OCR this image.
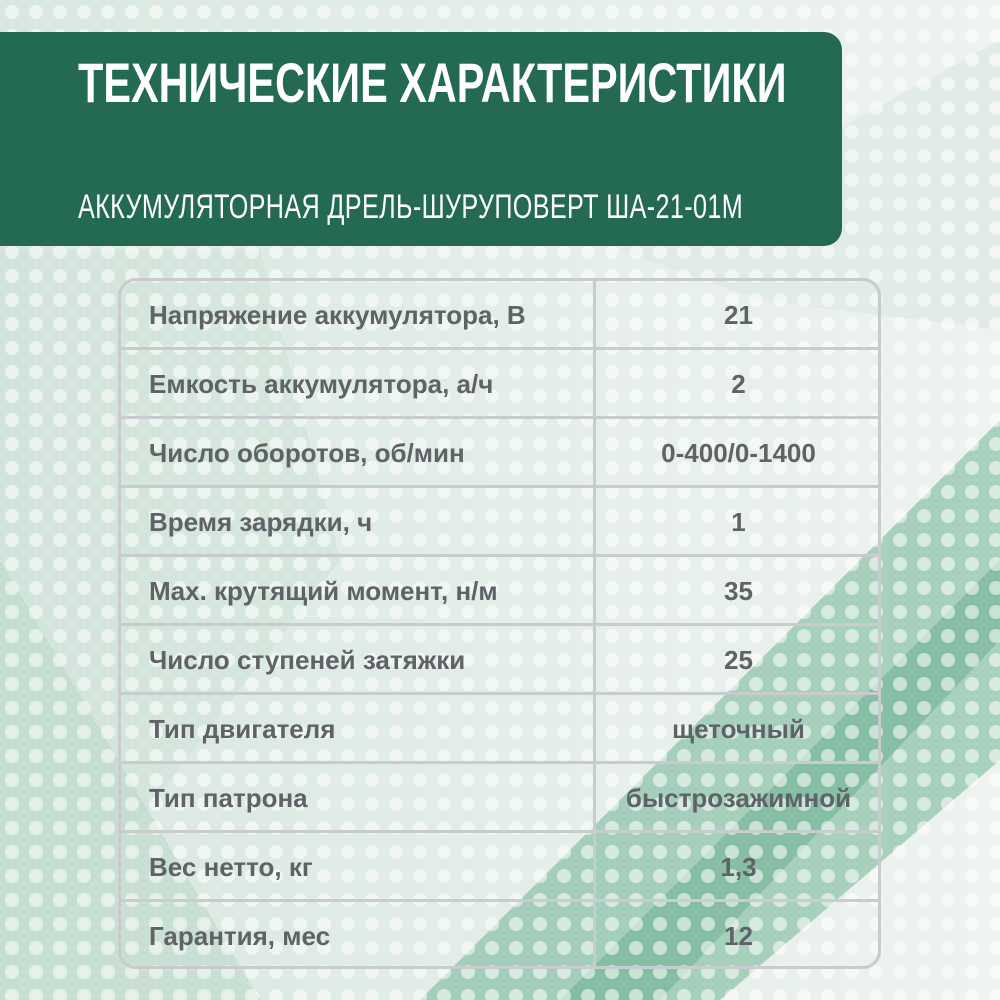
ТЕХНИЧЕСКИЕ ХАРАКТЕРИСТИКИ
АККУМУЛЯТОРНАЯ ДРЕЛЬ-ШУРУПОВЕРТ ША-21-01М
Напряжение аккумулятора, В	21
Емкость аккумулятора, а/ч	2
Число оборотов, об/мин	0-400/0-1400
Время зарядки, ч	1
Max. крутящий момент, н/м	35
Число ступеней затяжки	25
Тип двигателя	щеточный
Тип патрона	быстрозажимной
Вес нетто, кг	1,3
Гарантия, мес	12
